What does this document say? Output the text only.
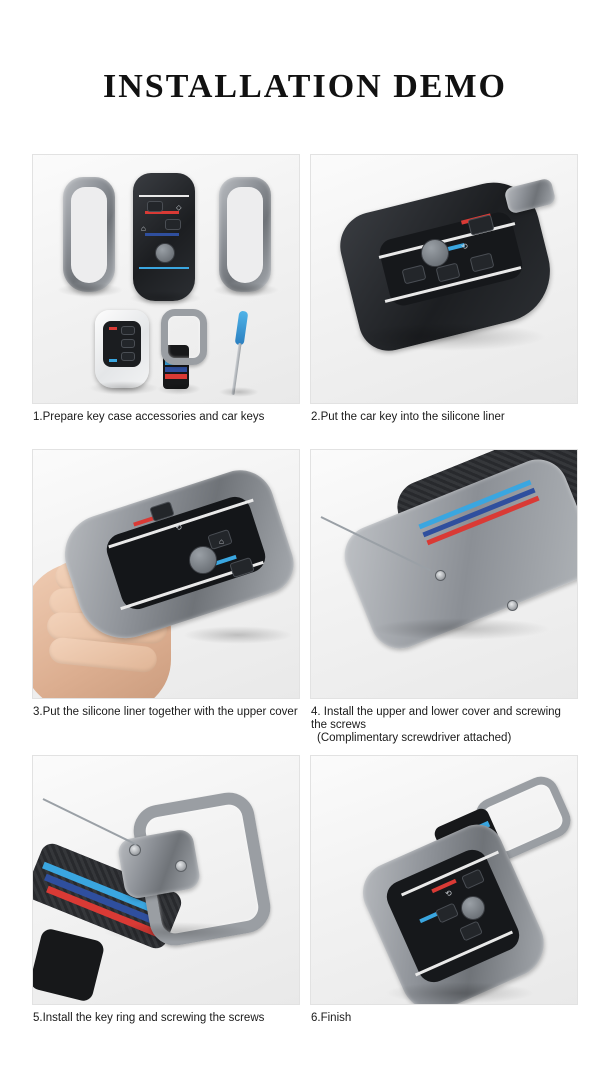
INSTALLATION DEMO
⬦
⌂
1.Prepare key case accessories and car keys
⟲
2.Put the car key into the silicone liner
⟲
⌂
3.Put the silicone liner together with the upper cover 4. Install the upper and lower cover and screwing the screws
(Complimentary screwdriver attached)
5.Install the key ring and screwing the screws
⟲
6.Finish
